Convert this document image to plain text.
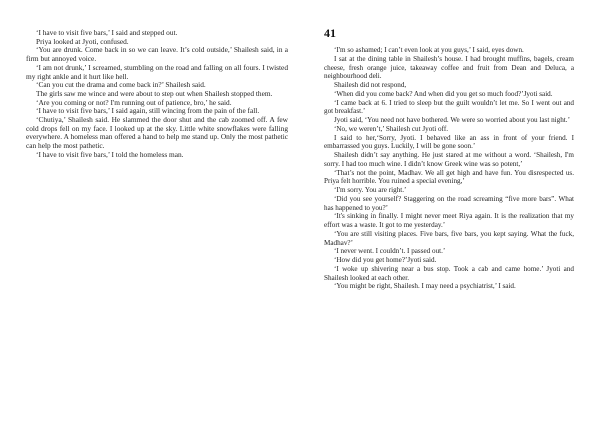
‘I have to visit five bars,’ I said and stepped out.

Priya looked at Jyoti, confused.

‘You are drunk. Come back in so we can leave. It’s cold outside,’ Shailesh said, in a firm but annoyed voice.

‘I am not drunk,’ I screamed, stumbling on the road and falling on all fours. I twisted my right ankle and it hurt like hell.

‘Can you cut the drama and come back in?’ Shailesh said.

The girls saw me wince and were about to step out when Shailesh stopped them.

‘Are you coming or not? I'm running out of patience, bro,’ he said.

‘I have to visit five bars,’ I said again, still wincing from the pain of the fall.

‘Chutiya,’ Shailesh said. He slammed the door shut and the cab zoomed off. A few cold drops fell on my face. I looked up at the sky. Little white snowflakes were falling everywhere. A homeless man offered a hand to help me stand up. Only the most pathetic can help the most pathetic.

‘I have to visit five bars,’ I told the homeless man.

41

‘I'm so ashamed; I can’t even look at you guys,’ I said, eyes down.

I sat at the dining table in Shailesh’s house. I had brought muffins, bagels, cream cheese, fresh orange juice, takeaway coffee and fruit from Dean and Deluca, a neighbourhood deli.

Shailesh did not respond,

‘When did you come back? And when did you get so much food?’Jyoti said.

‘I came back at 6. I tried to sleep but the guilt wouldn’t let me. So I went out and got breakfast.’

Jyoti said, ‘You need not have bothered. We were so worried about you last night.’

‘No, we weren’t,’ Shailesh cut Jyoti off.

I said to her,‘Sorry, Jyoti. I behaved like an ass in front of your friend. I embarrassed you guys. Luckily, I will be gone soon.’

Shailesh didn’t say anything. He just stared at me without a word. ‘Shailesh, I'm sorry. I had too much wine. I didn’t know Greek wine was so potent,’

‘That’s not the point, Madhav. We all get high and have fun. You disrespected us. Priya felt horrible. You ruined a special evening,’

‘I'm sorry. You are right.’

‘Did you see yourself? Staggering on the road screaming “five more bars”. What has happened to you?’

‘It's sinking in finally. I might never meet Riya again. It is the realization that my effort was a waste. It got to me yesterday.’

‘You are still visiting places. Five bars, five bars, you kept saying. What the fuck, Madhav?’

‘I never went. I couldn’t. I passed out.’

‘How did you get home?’Jyoti said.

‘I woke up shivering near a bus stop. Took a cab and came home.’ Jyoti and Shailesh looked at each other.

‘You might be right, Shailesh. I may need a psychiatrist,’ I said.
